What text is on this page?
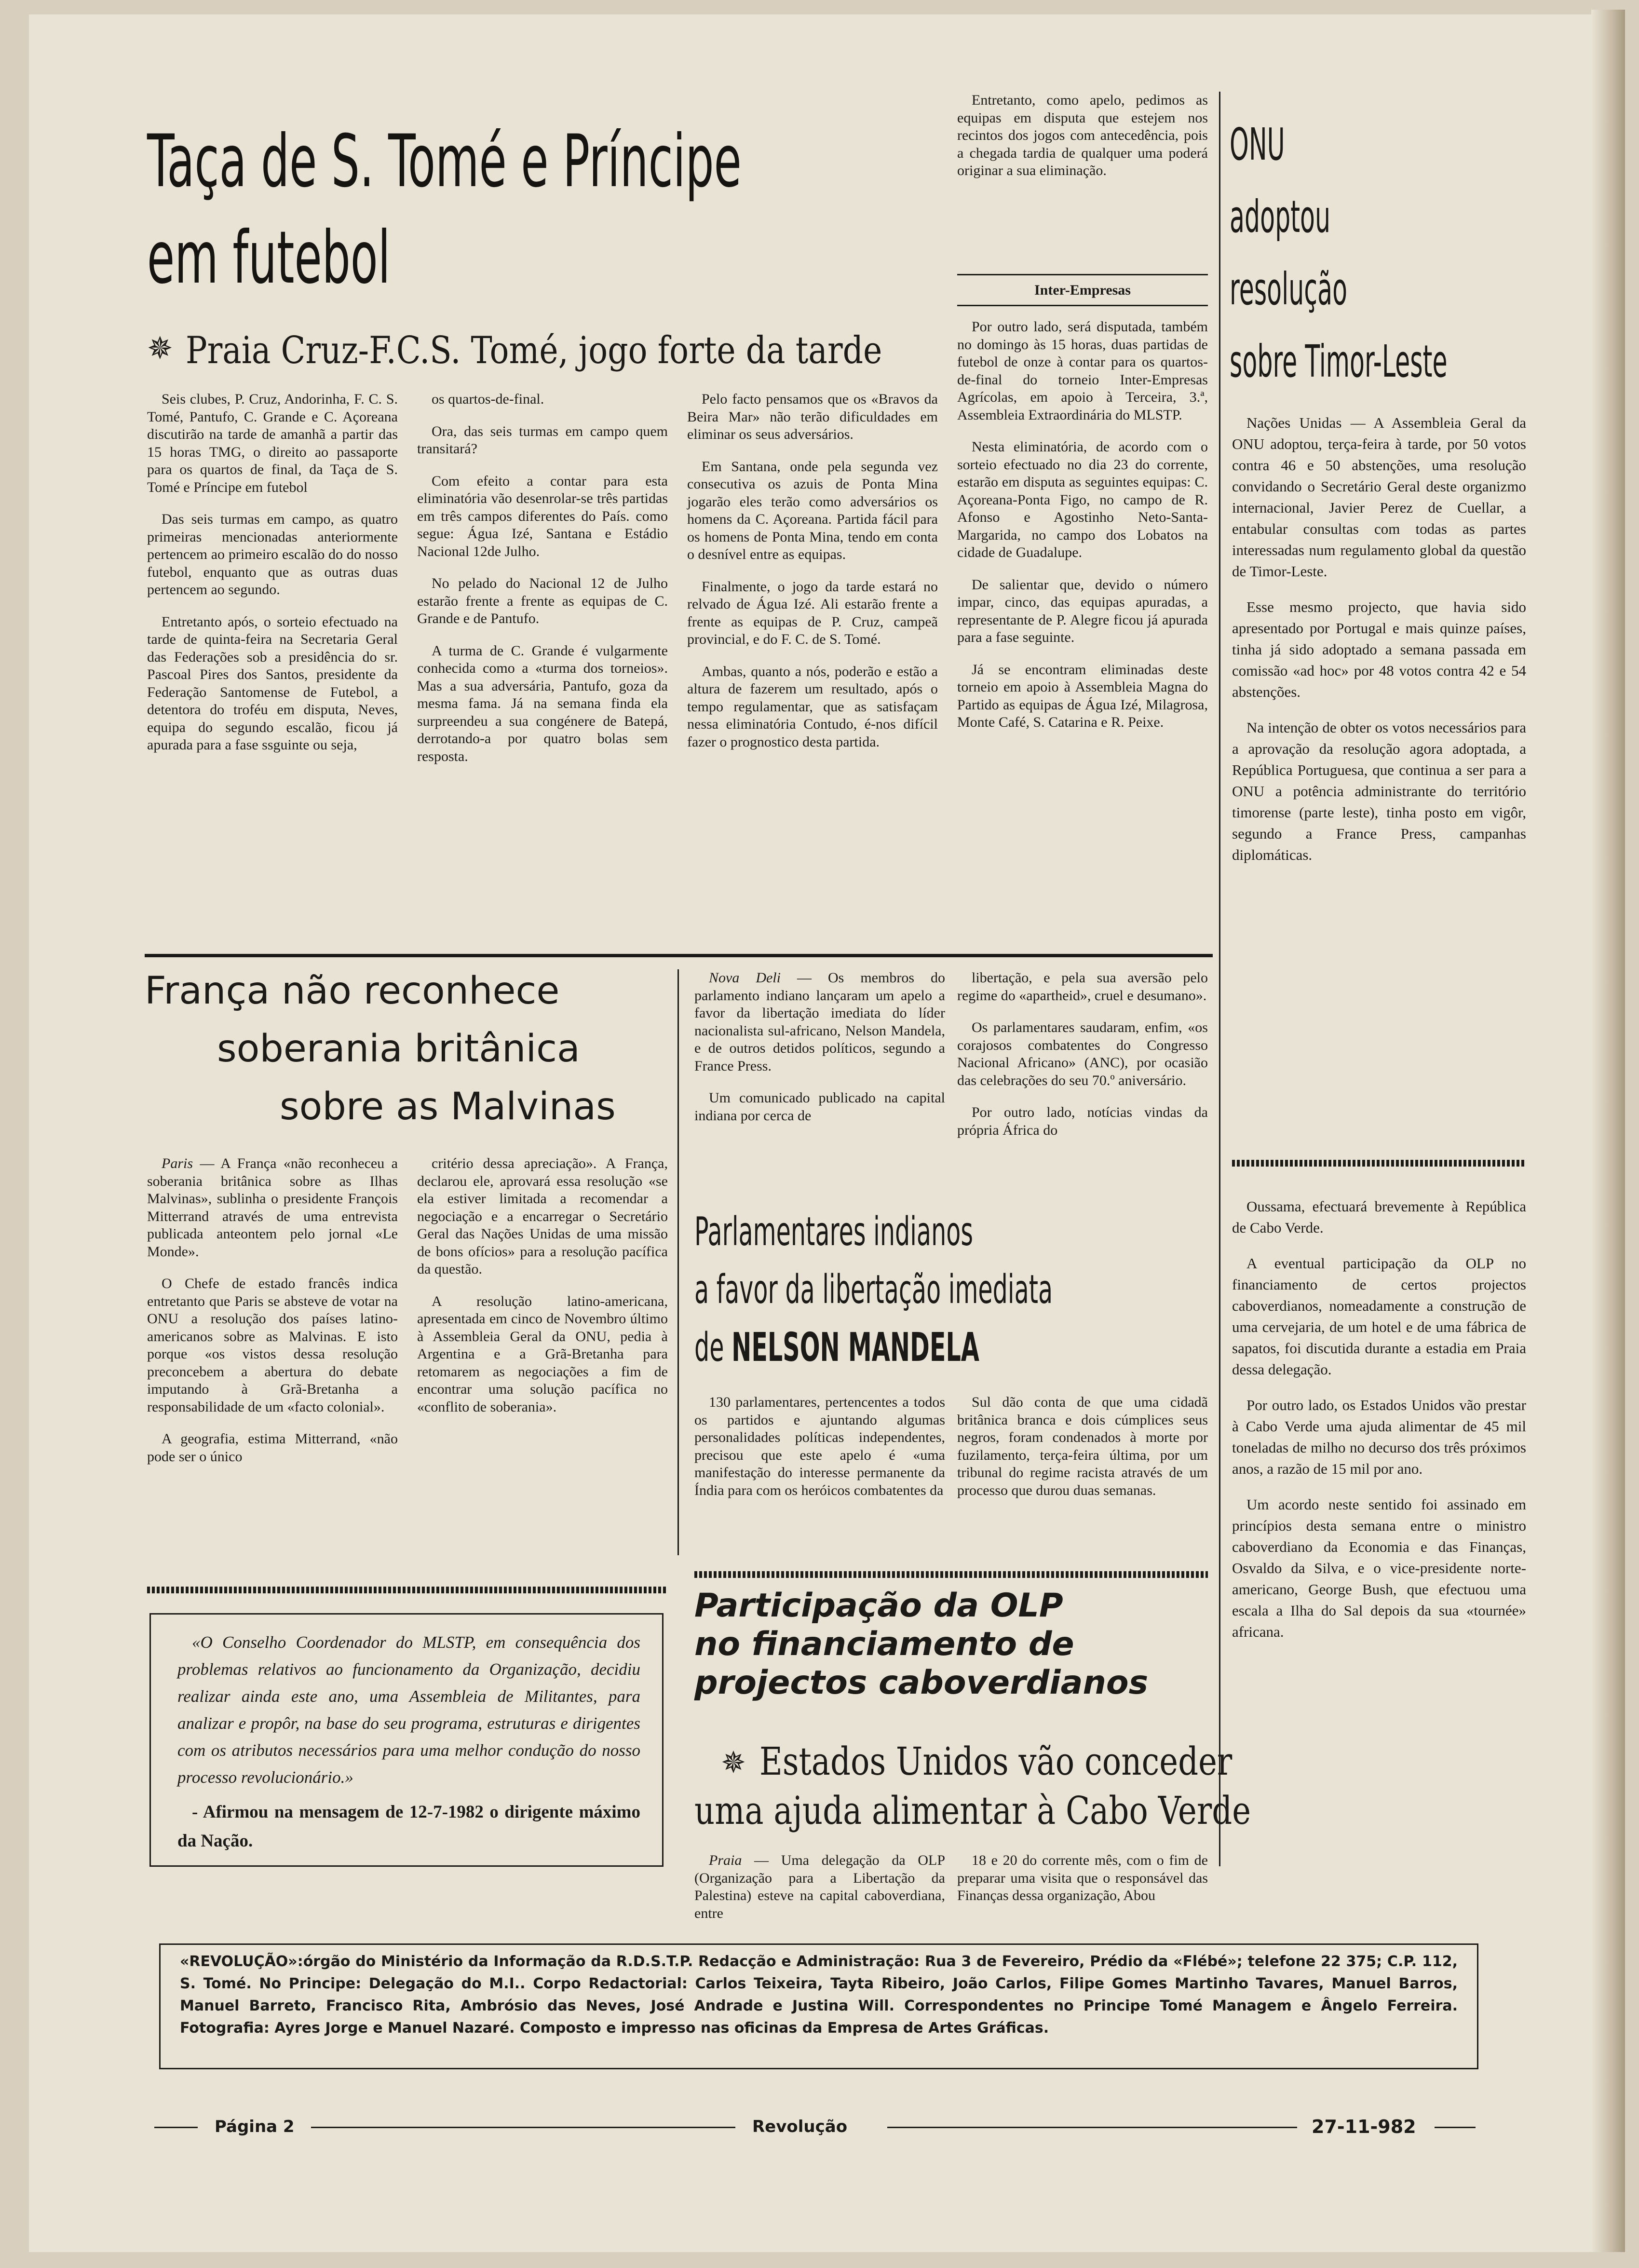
Taça de S. Tomé e Príncipe
em futebol
✵ Praia Cruz-F.C.S. Tomé, jogo forte da tarde

Seis clubes, P. Cruz, Andorinha, F. C. S. Tomé, Pantufo, C. Grande e C. Açoreana discutirão na tarde de amanhã a partir das 15 horas TMG, o direito ao passaporte para os quartos de final, da Taça de S. Tomé e Príncipe em futebol

Das seis turmas em campo, as quatro primeiras mencionadas anteriormente pertencem ao primeiro escalão do do nosso futebol, enquanto que as outras duas pertencem ao segundo.

Entretanto após, o sorteio efectuado na tarde de quinta-feira na Secretaria Geral das Federações sob a presidência do sr. Pascoal Pires dos Santos, presidente da Federação Santomense de Futebol, a detentora do troféu em disputa, Neves, equipa do segundo escalão, ficou já apurada para a fase ssguinte ou seja,

os quartos-de-final.

Ora, das seis turmas em campo quem transitará?

Com efeito a contar para esta eliminatória vão desenrolar-se três partidas em três campos diferentes do País. como segue: Água Izé, Santana e Estádio Nacional 12de Julho.

No pelado do Nacional 12 de Julho estarão frente a frente as equipas de C. Grande e de Pantufo.

A turma de C. Grande é vulgarmente conhecida como a «turma dos torneios». Mas a sua adversária, Pantufo, goza da mesma fama. Já na semana finda ela surpreendeu a sua congénere de Batepá, derrotando-a por quatro bolas sem resposta.

Pelo facto pensamos que os «Bravos da Beira Mar» não terão dificuldades em eliminar os seus adversários.

Em Santana, onde pela segunda vez consecutiva os azuis de Ponta Mina jogarão eles terão como adversários os homens da C. Açoreana. Partida fácil para os homens de Ponta Mina, tendo em conta o desnível entre as equipas.

Finalmente, o jogo da tarde estará no relvado de Água Izé. Ali estarão frente a frente as equipas de P. Cruz, campeã provincial, e do F. C. de S. Tomé.

Ambas, quanto a nós, poderão e estão a altura de fazerem um resultado, após o tempo regulamentar, que as satisfaçam nessa eliminatória Contudo, é-nos difícil fazer o prognostico desta partida.

Entretanto, como apelo, pedimos as equipas em disputa que estejem nos recintos dos jogos com antecedência, pois a chegada tardia de qualquer uma poderá originar a sua eliminação.

Inter-Empresas

Por outro lado, será disputada, também no domingo às 15 horas, duas partidas de futebol de onze à contar para os quartos-de-final do torneio Inter-Empresas Agrícolas, em apoio à Terceira, 3.ª, Assembleia Extraordinária do MLSTP.

Nesta eliminatória, de acordo com o sorteio efectuado no dia 23 do corrente, estarão em disputa as seguintes equipas: C. Açoreana-Ponta Figo, no campo de R. Afonso e Agostinho Neto-Santa-Margarida, no campo dos Lobatos na cidade de Guadalupe.

De salientar que, devido o número impar, cinco, das equipas apuradas, a representante de P. Alegre ficou já apurada para a fase seguinte.

Já se encontram eliminadas deste torneio em apoio à Assembleia Magna do Partido as equipas de Água Izé, Milagrosa, Monte Café, S. Catarina e R. Peixe.

França não reconhece
soberania britânica
sobre as Malvinas

Paris — A França «não reconheceu a soberania britânica sobre as Ilhas Malvinas», sublinha o presidente François Mitterrand através de uma entrevista publicada anteontem pelo jornal «Le Monde».

O Chefe de estado francês indica entretanto que Paris se absteve de votar na ONU a resolução dos países latino-americanos sobre as Malvinas. E isto porque «os vistos dessa resolução preconcebem a abertura do debate imputando à Grã-Bretanha a responsabilidade de um «facto colonial».

A geografia, estima Mitterrand, «não pode ser o único

critério dessa apreciação». A França, declarou ele, aprovará essa resolução «se ela estiver limitada a recomendar a negociação e a encarregar o Secretário Geral das Nações Unidas de uma missão de bons ofícios» para a resolução pacífica da questão.

A resolução latino-americana, apresentada em cinco de Novembro último à Assembleia Geral da ONU, pedia à Argentina e a Grã-Bretanha para retomarem as negociações a fim de encontrar uma solução pacífica no «conflito de soberania».

«O Conselho Coordenador do MLSTP, em consequência dos problemas relativos ao funcionamento da Organização, decidiu realizar ainda este ano, uma Assembleia de Militantes, para analizar e propôr, na base do seu programa, estruturas e dirigentes com os atributos necessários para uma melhor condução do nosso processo revolucionário.»
- Afirmou na mensagem de 12-7-1982 o dirigente máximo da Nação.

Nova Deli — Os membros do parlamento indiano lançaram um apelo a favor da libertação imediata do líder nacionalista sul-africano, Nelson Mandela, e de outros detidos políticos, segundo a France Press.

Um comunicado publicado na capital indiana por cerca de

libertação, e pela sua aversão pelo regime do «apartheid», cruel e desumano».

Os parlamentares saudaram, enfim, «os corajosos combatentes do Congresso Nacional Africano» (ANC), por ocasião das celebrações do seu 70.º aniversário.

Por outro lado, notícias vindas da própria África do

Parlamentares indianos
a favor da libertação imediata
de NELSON MANDELA

130 parlamentares, pertencentes a todos os partidos e ajuntando algumas personalidades políticas independentes, precisou que este apelo é «uma manifestação do interesse permanente da Índia para com os heróicos combatentes da

Sul dão conta de que uma cidadã britânica branca e dois cúmplices seus negros, foram condenados à morte por fuzilamento, terça-feira última, por um tribunal do regime racista através de um processo que durou duas semanas.

Participação da OLP
no financiamento de
projectos caboverdianos
✵ Estados Unidos vão conceder
uma ajuda alimentar à Cabo Verde

Praia — Uma delegação da OLP (Organização para a Libertação da Palestina) esteve na capital caboverdiana, entre

18 e 20 do corrente mês, com o fim de preparar uma visita que o responsável das Finanças dessa organização, Abou

ONU
adoptou
resolução
sobre Timor-Leste

Nações Unidas — A Assembleia Geral da ONU adoptou, terça-feira à tarde, por 50 votos contra 46 e 50 abstenções, uma resolução convidando o Secretário Geral deste organizmo internacional, Javier Perez de Cuellar, a entabular consultas com todas as partes interessadas num regulamento global da questão de Timor-Leste.

Esse mesmo projecto, que havia sido apresentado por Portugal e mais quinze países, tinha já sido adoptado a semana passada em comissão «ad hoc» por 48 votos contra 42 e 54 abstenções.

Na intenção de obter os votos necessários para a aprovação da resolução agora adoptada, a República Portuguesa, que continua a ser para a ONU a potência administrante do território timorense (parte leste), tinha posto em vigôr, segundo a France Press, campanhas diplomáticas.

Oussama, efectuará brevemente à República de Cabo Verde.

A eventual participação da OLP no financiamento de certos projectos caboverdianos, nomeadamente a construção de uma cervejaria, de um hotel e de uma fábrica de sapatos, foi discutida durante a estadia em Praia dessa delegação.

Por outro lado, os Estados Unidos vão prestar à Cabo Verde uma ajuda alimentar de 45 mil toneladas de milho no decurso dos três próximos anos, a razão de 15 mil por ano.

Um acordo neste sentido foi assinado em princípios desta semana entre o ministro caboverdiano da Economia e das Finanças, Osvaldo da Silva, e o vice-presidente norte-americano, George Bush, que efectuou uma escala a Ilha do Sal depois da sua «tournée» africana.

«REVOLUÇÃO»:órgão do Ministério da Informação da R.D.S.T.P. Redacção e Administração: Rua 3 de Fevereiro, Prédio da «Flébé»; telefone 22 375; C.P. 112, S. Tomé. No Principe: Delegação do M.I.. Corpo Redactorial: Carlos Teixeira, Tayta Ribeiro, João Carlos, Filipe Gomes Martinho Tavares, Manuel Barros, Manuel Barreto, Francisco Rita, Ambrósio das Neves, José Andrade e Justina Will. Correspondentes no Principe Tomé Managem e Ângelo Ferreira. Fotografia: Ayres Jorge e Manuel Nazaré. Composto e impresso nas oficinas da Empresa de Artes Gráficas.
Página 2	Revolução	27-11-982
